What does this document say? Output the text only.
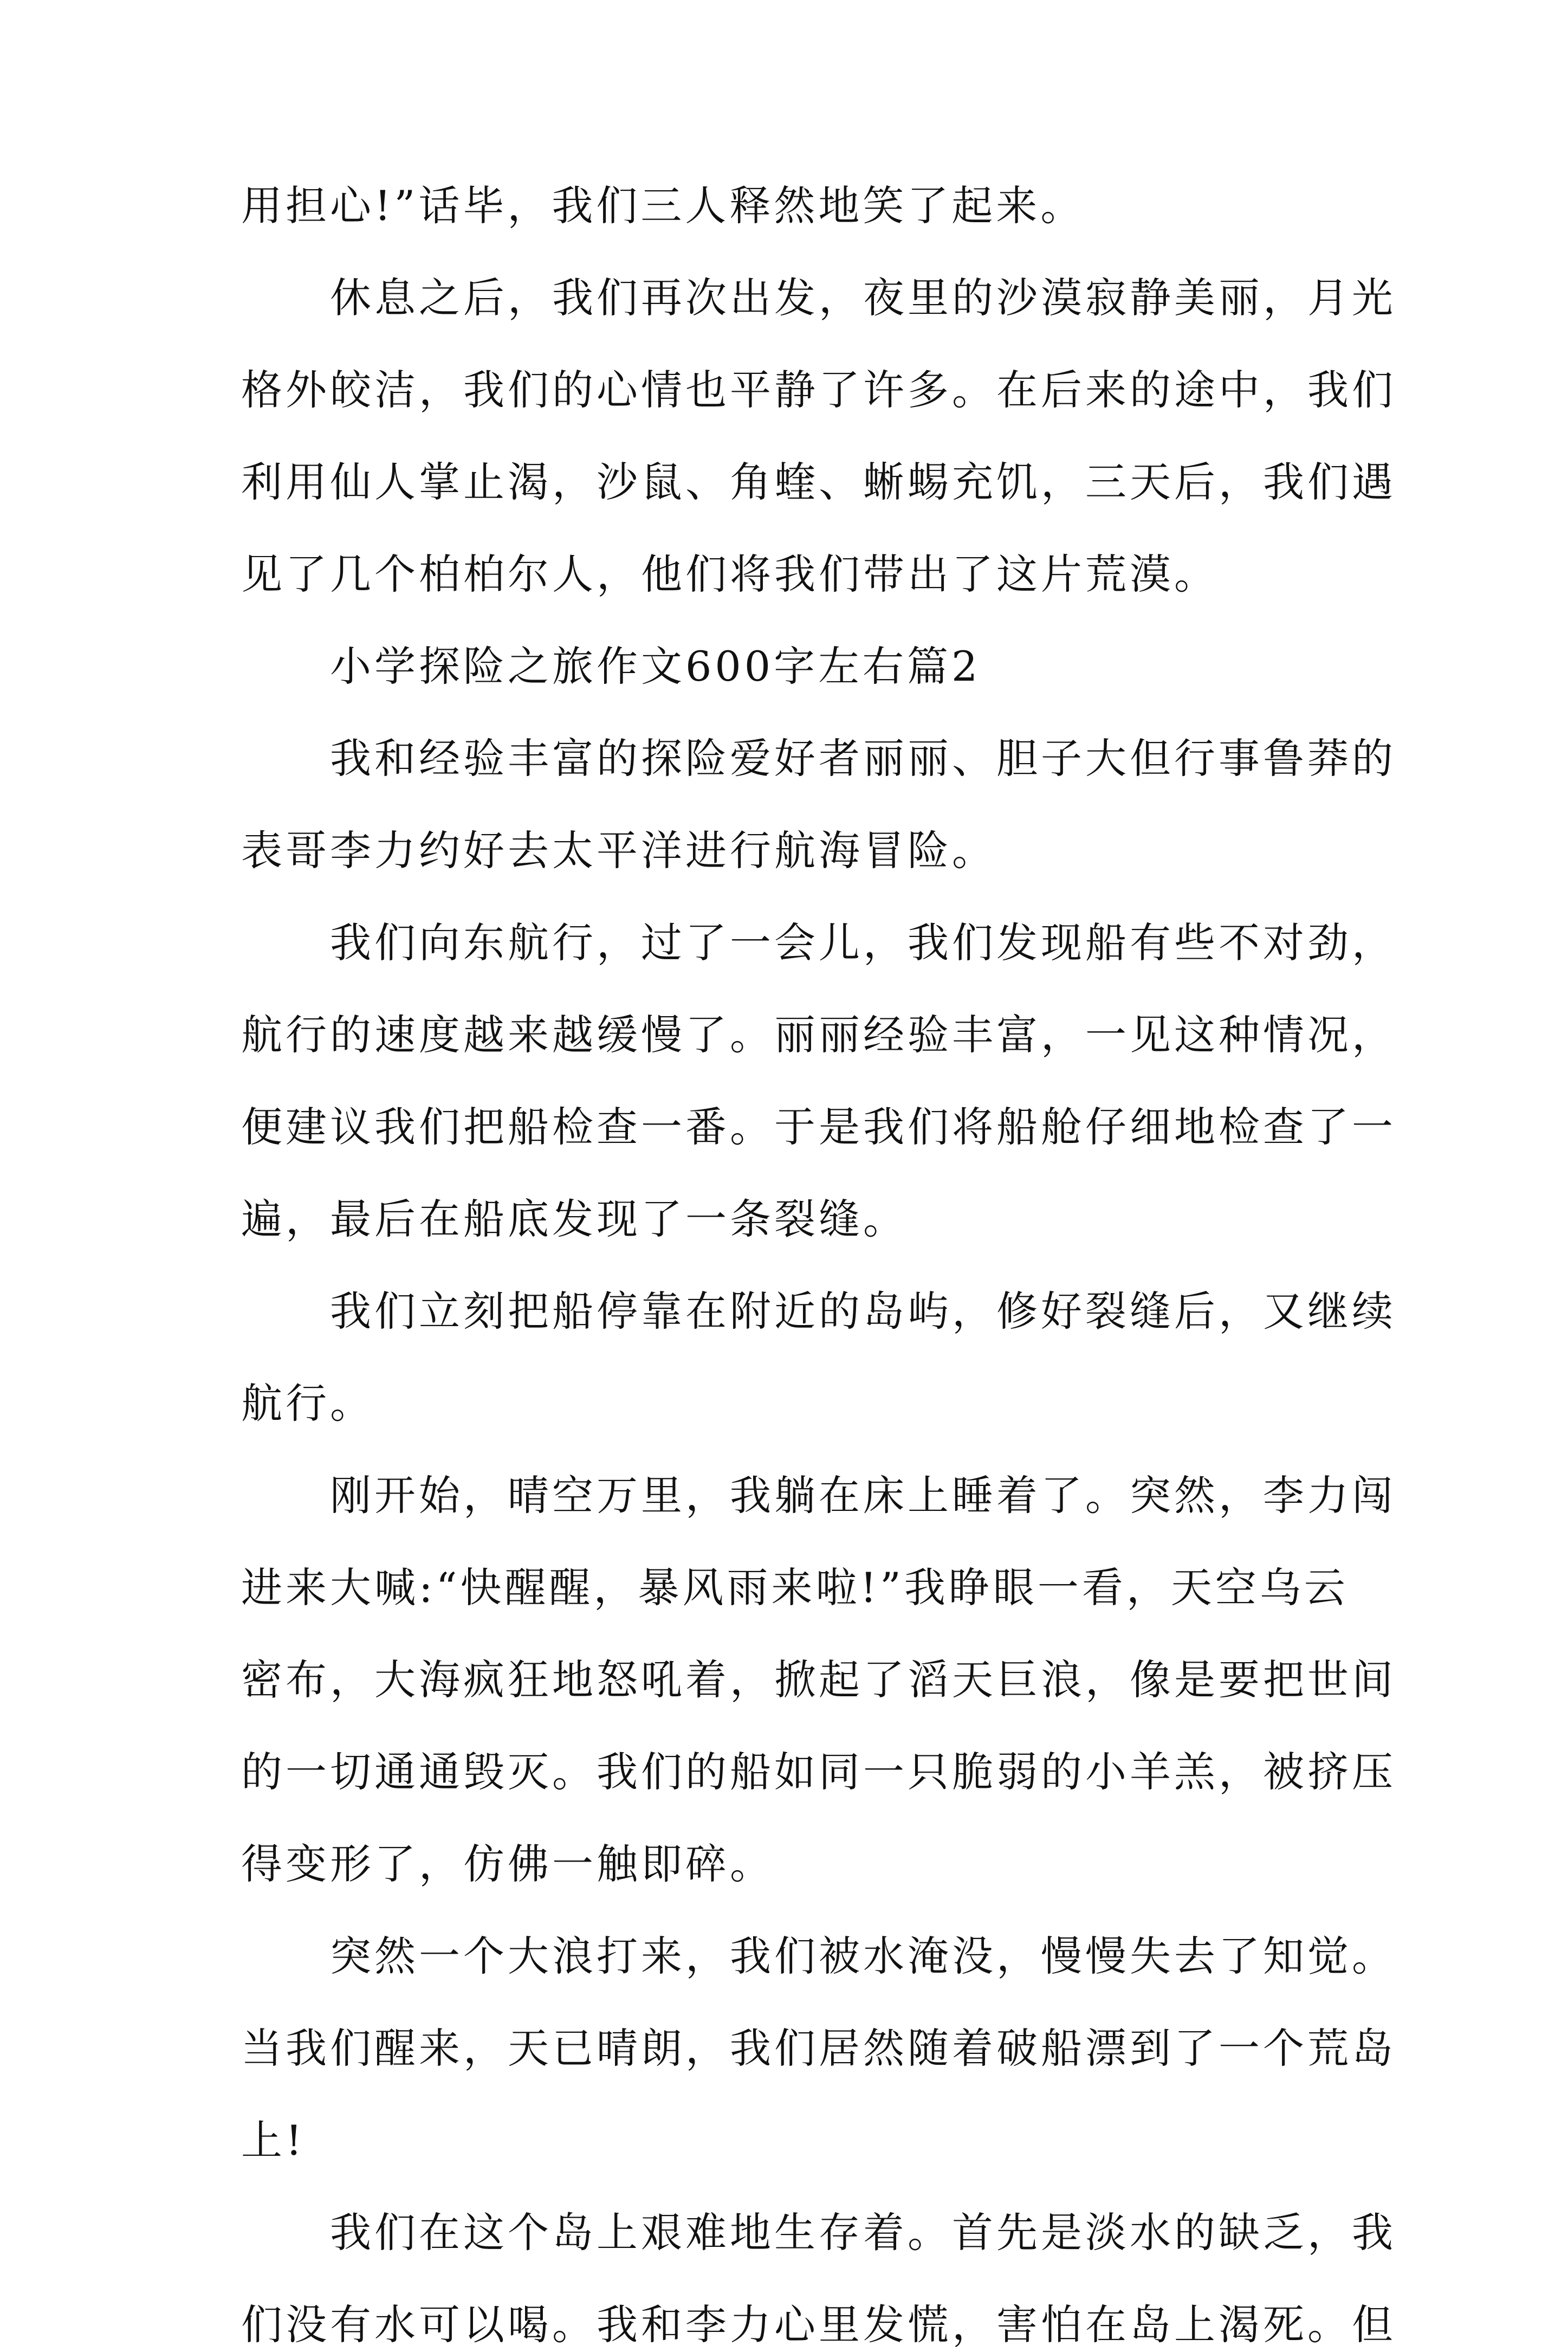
用担心!”话毕，我们三人释然地笑了起来。
　　休息之后，我们再次出发，夜里的沙漠寂静美丽，月光
格外皎洁，我们的心情也平静了许多。在后来的途中，我们
利用仙人掌止渴，沙鼠、角蝰、蜥蜴充饥，三天后，我们遇
见了几个柏柏尔人，他们将我们带出了这片荒漠。
　　小学探险之旅作文600字左右篇2
　　我和经验丰富的探险爱好者丽丽、胆子大但行事鲁莽的
表哥李力约好去太平洋进行航海冒险。
　　我们向东航行，过了一会儿，我们发现船有些不对劲，
航行的速度越来越缓慢了。丽丽经验丰富，一见这种情况，
便建议我们把船检查一番。于是我们将船舱仔细地检查了一
遍，最后在船底发现了一条裂缝。
　　我们立刻把船停靠在附近的岛屿，修好裂缝后，又继续
航行。
　　刚开始，晴空万里，我躺在床上睡着了。突然，李力闯
进来大喊:“快醒醒，暴风雨来啦!”我睁眼一看，天空乌云
密布，大海疯狂地怒吼着，掀起了滔天巨浪，像是要把世间
的一切通通毁灭。我们的船如同一只脆弱的小羊羔，被挤压
得变形了，仿佛一触即碎。
　　突然一个大浪打来，我们被水淹没，慢慢失去了知觉。
当我们醒来，天已晴朗，我们居然随着破船漂到了一个荒岛
上!
　　我们在这个岛上艰难地生存着。首先是淡水的缺乏，我
们没有水可以喝。我和李力心里发慌，害怕在岛上渴死。但
